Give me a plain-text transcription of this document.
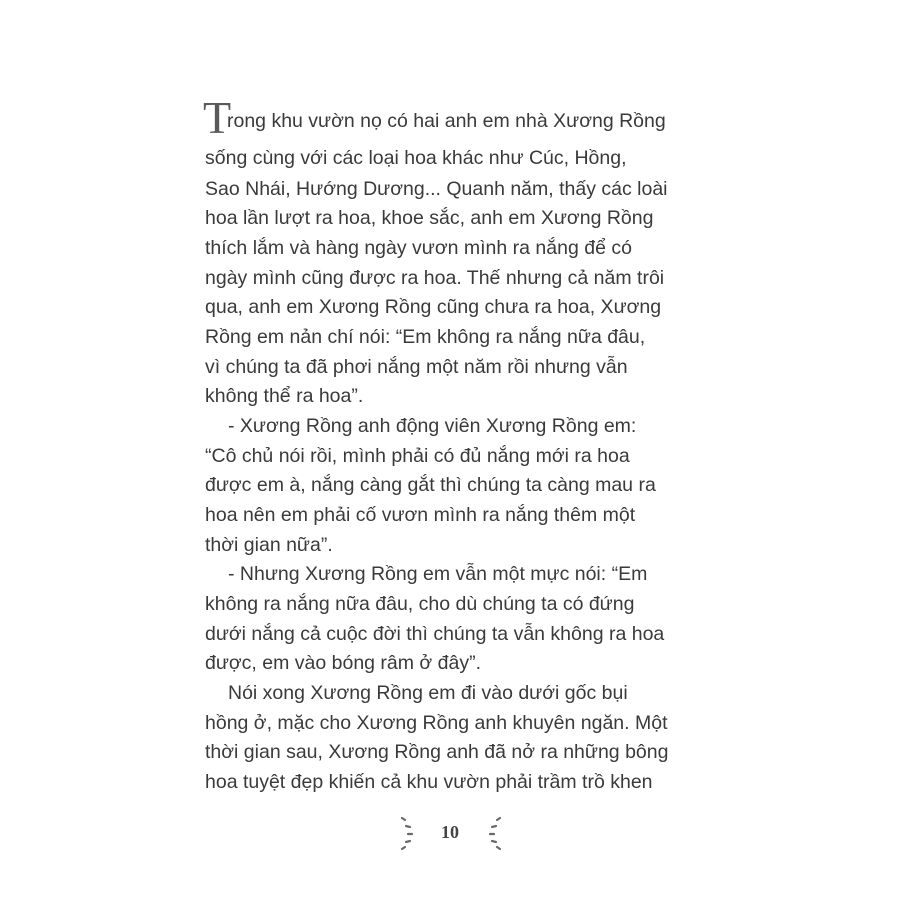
T
rong khu vườn nọ có hai anh em nhà Xương Rồng
sống cùng với các loại hoa khác như Cúc, Hồng,
Sao Nhái, Hướng Dương... Quanh năm, thấy các loài
hoa lần lượt ra hoa, khoe sắc, anh em Xương Rồng
thích lắm và hàng ngày vươn mình ra nắng để có
ngày mình cũng được ra hoa. Thế nhưng cả năm trôi
qua, anh em Xương Rồng cũng chưa ra hoa, Xương
Rồng em nản chí nói: “Em không ra nắng nữa đâu,
vì chúng ta đã phơi nắng một năm rồi nhưng vẫn
không thể ra hoa”.
- Xương Rồng anh động viên Xương Rồng em:
“Cô chủ nói rồi, mình phải có đủ nắng mới ra hoa
được em à, nắng càng gắt thì chúng ta càng mau ra
hoa nên em phải cố vươn mình ra nắng thêm một
thời gian nữa”.
- Nhưng Xương Rồng em vẫn một mực nói: “Em
không ra nắng nữa đâu, cho dù chúng ta có đứng
dưới nắng cả cuộc đời thì chúng ta vẫn không ra hoa
được, em vào bóng râm ở đây”.
Nói xong Xương Rồng em đi vào dưới gốc bụi
hồng ở, mặc cho Xương Rồng anh khuyên ngăn. Một
thời gian sau, Xương Rồng anh đã nở ra những bông
hoa tuyệt đẹp khiến cả khu vườn phải trầm trồ khen
10
